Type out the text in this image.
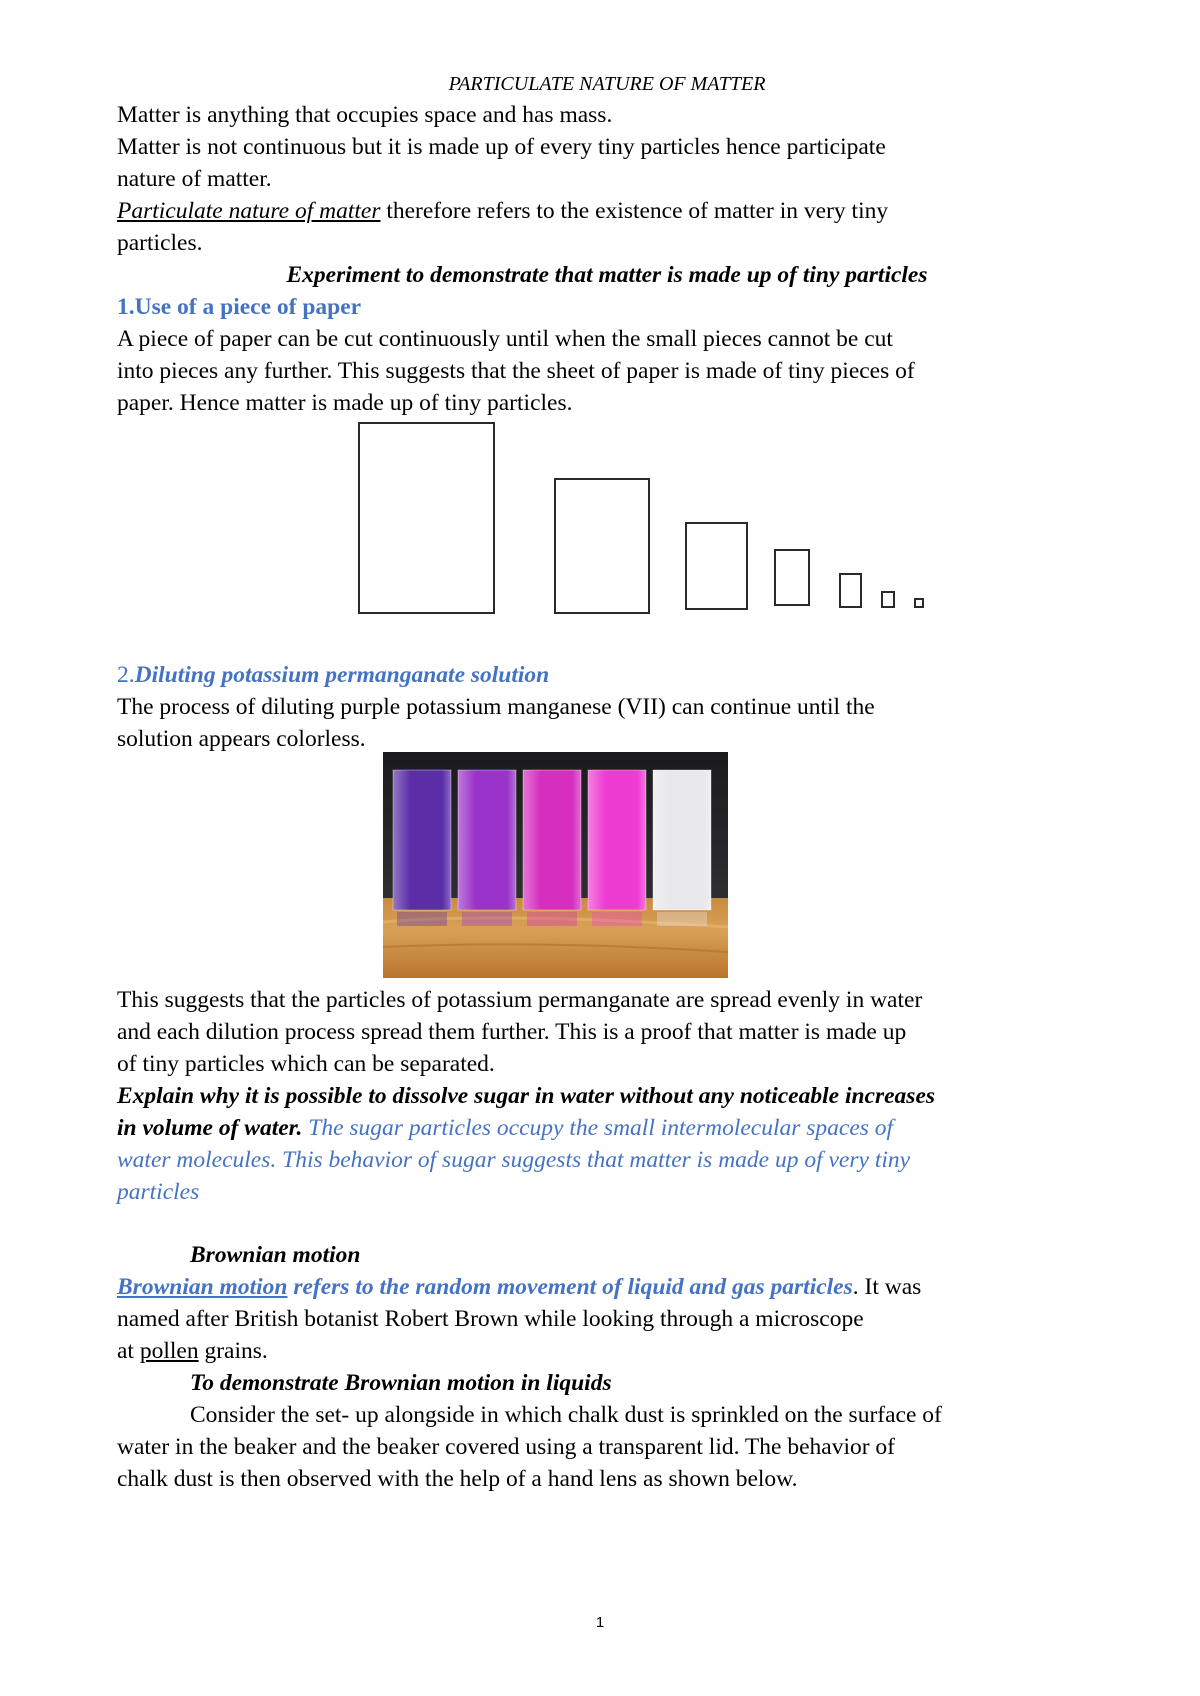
PARTICULATE NATURE OF MATTER
Matter is anything that occupies space and has mass.
Matter is not continuous but it is made up of every tiny particles hence participate
nature of matter.
Particulate nature of matter therefore refers to the existence of matter in very tiny
particles.
Experiment to demonstrate that matter is made up of tiny particles
1.Use of a piece of paper
A piece of paper can be cut continuously until when the small pieces cannot be cut
into pieces any further. This suggests that the sheet of paper is made of tiny pieces of
paper. Hence matter is made up of tiny particles.
2.Diluting potassium permanganate solution
The process of diluting purple potassium manganese (VII) can continue until the
solution appears colorless.
This suggests that the particles of potassium permanganate are spread evenly in water
and each dilution process spread them further. This is a proof that matter is made up
of tiny particles which can be separated.
Explain why it is possible to dissolve sugar in water without any noticeable increases
in volume of water. The sugar particles occupy the small intermolecular spaces of
water molecules. This behavior of sugar suggests that matter is made up of very tiny
particles
Brownian motion
Brownian motion refers to the random movement of liquid and gas particles. It was
named after British botanist Robert Brown while looking through a microscope
at pollen grains.
To demonstrate Brownian motion in liquids
Consider the set- up alongside in which chalk dust is sprinkled on the surface of
water in the beaker and the beaker covered using a transparent lid. The behavior of
chalk dust is then observed with the help of a hand lens as shown below.
1
